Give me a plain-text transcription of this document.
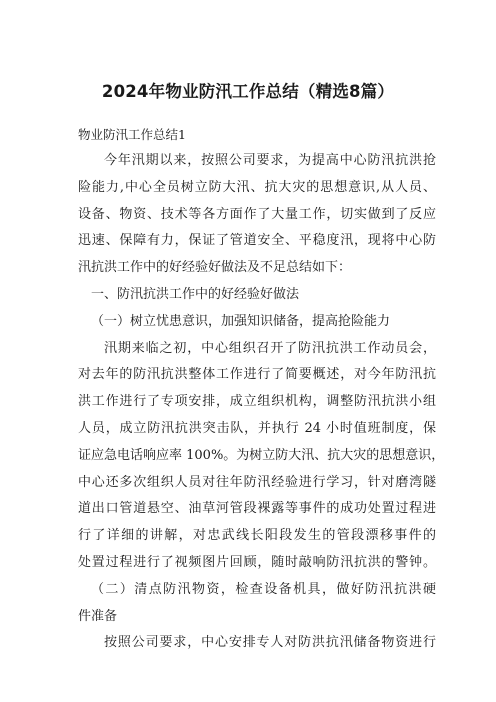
2024年物业防汛工作总结（精选8篇）
物业防汛工作总结1
今年汛期以来，按照公司要求，为提高中心防汛抗洪抢
险能力,中心全员树立防大汛、抗大灾的思想意识,从人员、
设备、物资、技术等各方面作了大量工作，切实做到了反应
迅速、保障有力，保证了管道安全、平稳度汛，现将中心防
汛抗洪工作中的好经验好做法及不足总结如下：
一、防汛抗洪工作中的好经验好做法
（一）树立忧患意识，加强知识储备，提高抢险能力
汛期来临之初，中心组织召开了防汛抗洪工作动员会，
对去年的防汛抗洪整体工作进行了简要概述，对今年防汛抗
洪工作进行了专项安排，成立组织机构，调整防汛抗洪小组
人员，成立防汛抗洪突击队，并执行 24 小时值班制度，保
证应急电话响应率 100%。为树立防大汛、抗大灾的思想意识，
中心还多次组织人员对往年防汛经验进行学习，针对磨湾隧
道出口管道悬空、油草河管段裸露等事件的成功处置过程进
行了详细的讲解，对忠武线长阳段发生的管段漂移事件的
处置过程进行了视频图片回顾，随时敲响防汛抗洪的警钟。
（二）清点防汛物资，检查设备机具，做好防汛抗洪硬
件准备
按照公司要求，中心安排专人对防洪抗汛储备物资进行
